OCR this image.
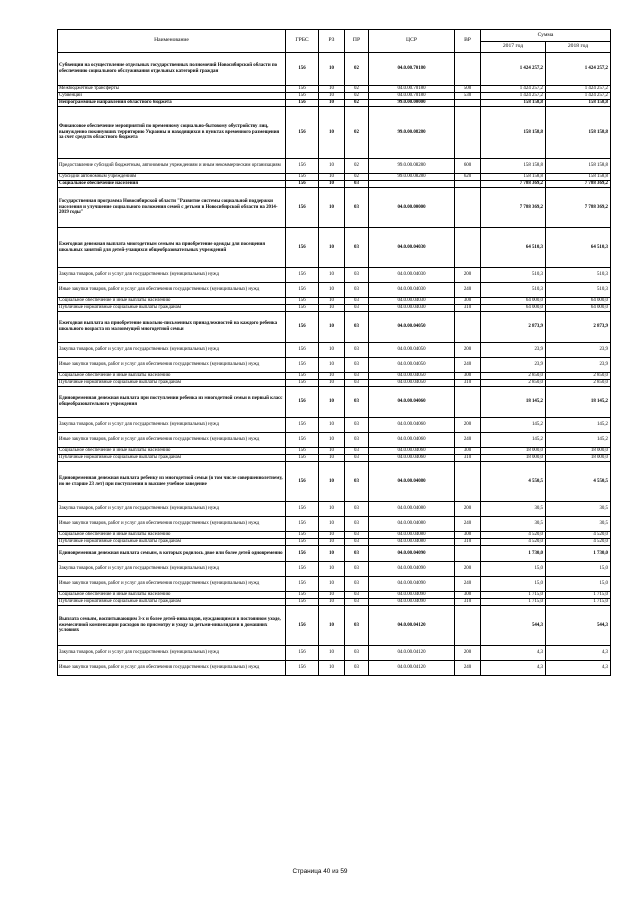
Наименование	ГРБС	РЗ	ПР	ЦСР	ВР	Сумма	
						2017 год	2018 год
Субвенции на осуществление отдельных государственных полномочий Новосибирской области по обеспечению социального обслуживания отдельных категорий граждан	156	10	02	04.0.00.70180		1 424 257,2	1 424 257,2
Межбюджетные трансферты	156	10	02	04.0.00.70180	500	1 424 257,2	1 424 257,2
Субвенции	156	10	02	04.0.00.70180	530	1 424 257,2	1 424 257,2
Непрограммные направления областного бюджета	156	10	02	99.0.00.00000		158 158,8	158 158,8
Финансовое обеспечение мероприятий по временному социально-бытовому обустройству лиц, вынужденно покинувших территорию Украины и находящихся в пунктах временного размещения за счет средств областного бюджета	156	10	02	99.0.00.08280		158 158,8	158 158,8
Предоставление субсидий бюджетным, автономным учреждениям и иным некоммерческим организациям	156	10	02	99.0.00.08280	600	158 158,8	158 158,8
Субсидии автономным учреждениям	156	10	02	99.0.00.08280	620	158 158,8	158 158,8
Социальное обеспечение населения	156	10	03			7 788 369,2	7 788 369,2
Государственная программа Новосибирской области "Развитие системы социальной поддержки населения и улучшение социального положения семей с детьми в Новосибирской области на 2014-2019 годы"	156	10	03	04.0.00.00000		7 788 369,2	7 788 369,2
Ежегодная денежная выплата многодетным семьям на приобретение одежды для посещения школьных занятий для детей-учащихся общеобразовательных учреждений	156	10	03	04.0.00.04030		64 510,3	64 510,3
Закупка товаров, работ и услуг для государственных (муниципальных) нужд	156	10	03	04.0.00.04030	200	510,3	510,3
Иные закупки товаров, работ и услуг для обеспечения государственных (муниципальных) нужд	156	10	03	04.0.00.04030	240	510,3	510,3
Социальное обеспечение и иные выплаты населению	156	10	03	04.0.00.04030	300	64 000,0	64 000,0
Публичные нормативные социальные выплаты гражданам	156	10	03	04.0.00.04030	310	64 000,0	64 000,0
Ежегодная выплата на приобретение школьно-письменных принадлежностей на каждого ребенка школьного возраста из малоимущей многодетной семьи	156	10	03	04.0.00.04050		2 873,9	2 873,9
Закупка товаров, работ и услуг для государственных (муниципальных) нужд	156	10	03	04.0.00.04050	200	23,9	23,9
Иные закупки товаров, работ и услуг для обеспечения государственных (муниципальных) нужд	156	10	03	04.0.00.04050	240	23,9	23,9
Социальное обеспечение и иные выплаты населению	156	10	03	04.0.00.04050	300	2 850,0	2 850,0
Публичные нормативные социальные выплаты гражданам	156	10	03	04.0.00.04050	310	2 850,0	2 850,0
Единовременная денежная выплата при поступлении ребенка из многодетной семьи в первый класс общеобразовательного учреждения	156	10	03	04.0.00.04060		18 145,2	18 145,2
Закупка товаров, работ и услуг для государственных (муниципальных) нужд	156	10	03	04.0.00.04060	200	145,2	145,2
Иные закупки товаров, работ и услуг для обеспечения государственных (муниципальных) нужд	156	10	03	04.0.00.04060	240	145,2	145,2
Социальное обеспечение и иные выплаты населению	156	10	03	04.0.00.04060	300	18 000,0	18 000,0
Публичные нормативные социальные выплаты гражданам	156	10	03	04.0.00.04060	310	18 000,0	18 000,0
Единовременная денежная выплата ребенку из многодетной семьи (в том числе совершеннолетнему, но не старше 23 лет) при поступлении в высшее учебное заведение	156	10	03	04.0.00.04080		4 550,5	4 550,5
Закупка товаров, работ и услуг для государственных (муниципальных) нужд	156	10	03	04.0.00.04080	200	30,5	30,5
Иные закупки товаров, работ и услуг для обеспечения государственных (муниципальных) нужд	156	10	03	04.0.00.04080	240	30,5	30,5
Социальное обеспечение и иные выплаты населению	156	10	03	04.0.00.04080	300	4 520,0	4 520,0
Публичные нормативные социальные выплаты гражданам	156	10	03	04.0.00.04080	310	4 520,0	4 520,0
Единовременная денежная выплата семьям, в которых родилось двое или более детей одновременно	156	10	03	04.0.00.04090		1 730,0	1 730,0
Закупка товаров, работ и услуг для государственных (муниципальных) нужд	156	10	03	04.0.00.04090	200	15,0	15,0
Иные закупки товаров, работ и услуг для обеспечения государственных (муниципальных) нужд	156	10	03	04.0.00.04090	240	15,0	15,0
Социальное обеспечение и иные выплаты населению	156	10	03	04.0.00.04090	300	1 715,0	1 715,0
Публичные нормативные социальные выплаты гражданам	156	10	03	04.0.00.04090	310	1 715,0	1 715,0
Выплата семьям, воспитывающим 3-х и более детей-инвалидов, нуждающимся в постоянном уходе, ежемесячной компенсации расходов по присмотру и уходу за детьми-инвалидами в домашних условиях	156	10	03	04.0.00.04120		544,3	544,3
Закупка товаров, работ и услуг для государственных (муниципальных) нужд	156	10	03	04.0.00.04120	200	4,3	4,3
Иные закупки товаров, работ и услуг для обеспечения государственных (муниципальных) нужд	156	10	03	04.0.00.04120	240	4,3	4,3
Страница 40 из 59
